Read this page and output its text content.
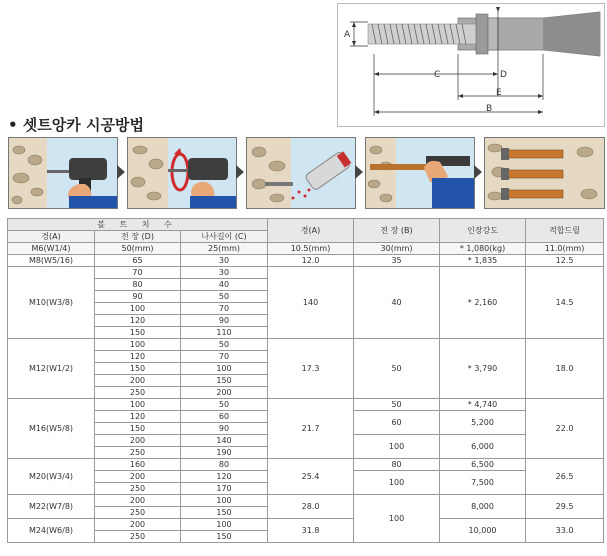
A
C	D
E
B
• 셋트앙카 시공방법
볼 트 치 수			경(A)	전 장 (B)	인장강도	적합드릴
경(A)	전 장 (D)	나사길이 (C)				
M6(W1/4)	50(mm)	25(mm)	10.5(mm)	30(mm)	* 1,080(kg)	11.0(mm)
M8(W5/16)	65	30	12.0	35	* 1,835	12.5
M10(W3/8)	70	30	140	40	* 2,160	14.5
	80	40				
	90	50				
	100	70				
	120	90				
	150	110				
M12(W1/2)	100	50	17.3	50	* 3,790	18.0
	120	70				
	150	100				
	200	150				
	250	200				
M16(W5/8)	100	50	21.7	50	* 4,740	22.0
	120	60		60	5,200	
	150	90				
	200	140		100	6,000	
	250	190				
M20(W3/4)	160	80	25.4	80	6,500	26.5
	200	120		100	7,500	
	250	170				
M22(W7/8)	200	100	28.0	100	8,000	29.5
	250	150				
M24(W6/8)	200	100	31.8		10,000	33.0
	250	150				
